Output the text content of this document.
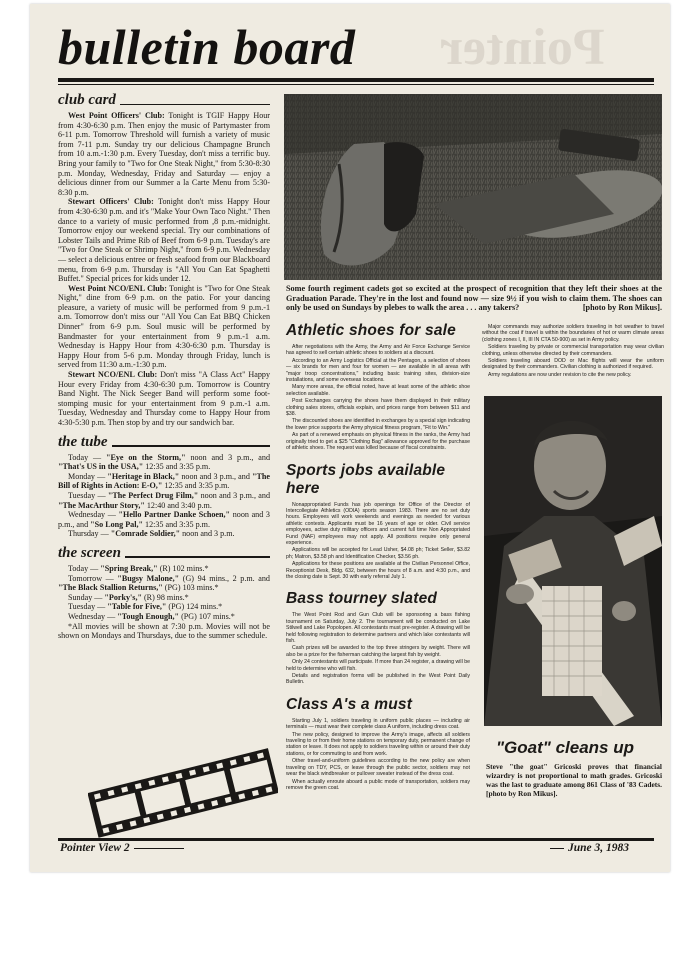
Pointer
bulletin board
club card

West Point Officers' Club: Tonight is TGIF Happy Hour from 4:30-6:30 p.m. Then enjoy the music of Partymaster from 6-11 p.m. Tomorrow Threshold will furnish a variety of music from 7-11 p.m. Sunday try our delicious Champagne Brunch from 10 a.m.-1:30 p.m. Every Tuesday, don't miss a terrific buy. Bring your family to "Two for One Steak Night," from 5:30-8:30 p.m. Monday, Wednesday, Friday and Saturday — enjoy a delicious dinner from our Summer a la Carte Menu from 5:30-8:30 p.m.

Stewart Officers' Club: Tonight don't miss Happy Hour from 4:30-6:30 p.m. and it's "Make Your Own Taco Night." Then dance to a variety of music performed from ,8 p.m.-midnight. Tomorrow enjoy our weekend special. Try our combinations of Lobster Tails and Prime Rib of Beef from 6-9 p.m. Tuesday's are "Two for One Steak or Shrimp Night," from 6-9 p.m. Wednesday — select a delicious entree or fresh seafood from our Blackboard menu, from 6-9 p.m. Thursday is "All You Can Eat Spaghetti Buffet." Special prices for kids under 12.

West Point NCO/ENL Club: Tonight is "Two for One Steak Night," dine from 6-9 p.m. on the patio. For your dancing pleasure, a variety of music will be performed from 9 p.m.-1 a.m. Tomorrow don't miss our "All You Can Eat BBQ Chicken Dinner" from 6-9 p.m. Soul music will be performed by Bandmaster for your entertainment from 9 p.m.-1 a.m. Wednesday is Happy Hour from 4:30-6:30 p.m. Thursday is Happy Hour from 5-6 p.m. Monday through Friday, lunch is served from 11:30 a.m.-1:30 p.m.

Stewart NCO/ENL Club: Don't miss "A Class Act" Happy Hour every Friday from 4:30-6:30 p.m. Tomorrow is Country Band Night. The Nick Seeger Band will perform some foot-stomping music for your entertainment from 9 p.m.-1 a.m. Tuesday, Wednesday and Thursday come to Happy Hour from 4:30-5:30 p.m. Then stop by and try our sandwich bar.

the tube

Today — "Eye on the Storm," noon and 3 p.m., and "That's US in the USA," 12:35 and 3:35 p.m.

Monday — "Heritage in Black," noon and 3 p.m., and "The Bill of Rights in Action: E-O," 12:35 and 3:35 p.m.

Tuesday — "The Perfect Drug Film," noon and 3 p.m., and "The MacArthur Story," 12:40 and 3:40 p.m.

Wednesday — "Hello Partner Danke Schoen," noon and 3 p.m., and "So Long Pal," 12:35 and 3:35 p.m.

Thursday — "Comrade Soldier," noon and 3 p.m.

the screen

Today — "Spring Break," (R) 102 mins.*

Tomorrow — "Bugsy Malone," (G) 94 mins., 2 p.m. and "The Black Stallion Returns," (PG) 103 mins.*

Sunday — "Porky's," (R) 98 mins.*

Tuesday — "Table for Five," (PG) 124 mins.*

Wednesday — "Tough Enough," (PG) 107 mins.*

*All movies will be shown at 7:30 p.m. Movies will not be shown on Mondays and Thursdays, due to the summer schedule.

Some fourth regiment cadets got so excited at the prospect of recognition that they left their shoes at the Graduation Parade. They're in the lost and found now — size 9½ if you wish to claim them. The shoes can only be used on Sundays by plebes to walk the area . . . any takers?	[photo by Ron Mikus].
Athletic shoes for sale

After negotiations with the Army, the Army and Air Force Exchange Service has agreed to sell certain athletic shoes to soldiers at a discount.

According to an Army Logistics Official at the Pentagon, a selection of shoes — six brands for men and four for women — are available in all areas with "major troop concentrations," including basic training sites, division-size installations, and some overseas locations.

Many more areas, the official noted, have at least some of the athletic shoe selection available.

Post Exchanges carrying the shoes have them displayed in their military clothing sales stores, officials explain, and prices range from between $11 and $38.

The discounted shoes are identified in exchanges by a special sign indicating the lower price supports the Army physical fitness program, "Fit to Win."

As part of a renewed emphasis on physical fitness in the ranks, the Army had originally tried to get a $25 "Clothing Bag" allowance approved for the purchase of athletic shoes. The request was killed because of fiscal constraints.

Sports jobs available here

Nonappropriated Funds has job openings for Office of the Director of Intercollegiate Athletics (ODIA) sports season 1983. There are no set duty hours. Employees will work weekends and evenings as needed for various athletic contests. Applicants must be 16 years of age or older. Civil service employees, active duty military officers and current full time Non Appropriated Fund (NAF) employees may not apply. All positions require only general experience.

Applications will be accepted for Lead Usher, $4.08 ph; Ticket Seller, $3.82 ph; Matron, $3.58 ph and Identification Checker, $3.56 ph.

Applications for these positions are available at the Civilian Personnel Office, Receptionist Desk, Bldg. 632, between the hours of 8 a.m. and 4:30 p.m., and the closing date is Sept. 30 with early referral July 1.

Bass tourney slated

The West Point Rod and Gun Club will be sponsoring a bass fishing tournament on Saturday, July 2. The tournament will be conducted on Lake Stilwell and Lake Popolopen. All contestants must pre-register. A drawing will be held following registration to determine partners and which lake contestants will fish.

Cash prizes will be awarded to the top three stringers by weight. There will also be a prize for the fisherman catching the largest fish by weight.

Only 24 contestants will participate. If more than 24 register, a drawing will be held to determine who will fish.

Details and registration forms will be published in the West Point Daily Bulletin.

Class A's a must

Starting July 1, soldiers traveling in uniform public places — including air terminals — must wear their complete class A uniform, including dress coat.

The new policy, designed to improve the Army's image, affects all soldiers traveling to or from their home stations on temporary duty, permanent change of station or leave. It does not apply to soldiers traveling within or around their duty stations, or for commuting to and from work.

Other travel-and-uniform guidelines according to the new policy are when traveling on TDY, PCS, or leave through the public sector, soldiers may not wear the black windbreaker or pullover sweater instead of the dress coat.

When actually enroute aboard a public mode of transportation, soldiers may remove the green coat.

Major commands may authorize soldiers traveling in hot weather to travel without the coat if travel is within the boundaries of hot or warm climate areas (clothing zones I, II, III IN CTA 50-900) as set in Army policy.

Soldiers traveling by private or commercial transportation may wear civilian clothing, unless otherwise directed by their commanders.

Soldiers traveling aboard DOD or Mac flights will wear the uniform designated by their commanders. Civilian clothing is authorized if required.

Army regulations are now under revision to cite the new policy.

"Goat" cleans up
Steve "the goat" Gricoski proves that financial wizardry is not proportional to math grades. Gricoski was the last to graduate among 861 Class of '83 Cadets. [photo by Ron Mikus].
Pointer View 2	June 3, 1983
